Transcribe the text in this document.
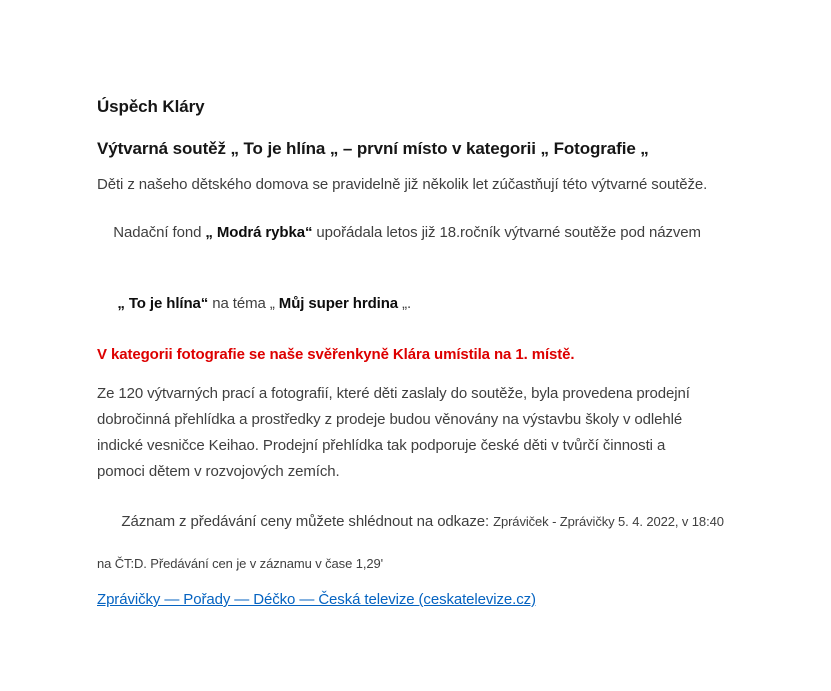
Úspěch Kláry
Výtvarná soutěž „ To je hlína „ – první místo v kategorii „ Fotografie „
Děti z našeho dětského domova se pravidelně již několik let zúčastňují této výtvarné soutěže.

Nadační fond „ Modrá rybka“ upořádala letos již 18.ročník výtvarné soutěže pod názvem

„ To je hlína“ na téma „ Můj super hrdina „.

V kategorii fotografie se naše svěřenkyně Klára umístila na 1. místě.
Ze 120 výtvarných prací a fotografií, které děti zaslaly do soutěže, byla provedena prodejní
dobročinná přehlídka a prostředky z prodeje budou věnovány na výstavbu školy v odlehlé
indické vesničce Keihao. Prodejní přehlídka tak podporuje české děti v tvůrčí činnosti a
pomoci dětem v rozvojových zemích.

Záznam z předávání ceny můžete shlédnout na odkaze: Zpráviček - Zprávičky 5. 4. 2022, v 18:40

na ČT:D. Předávání cen je v záznamu v čase 1,29'
Zprávičky — Pořady — Déčko — Česká televize (ceskatelevize.cz)
